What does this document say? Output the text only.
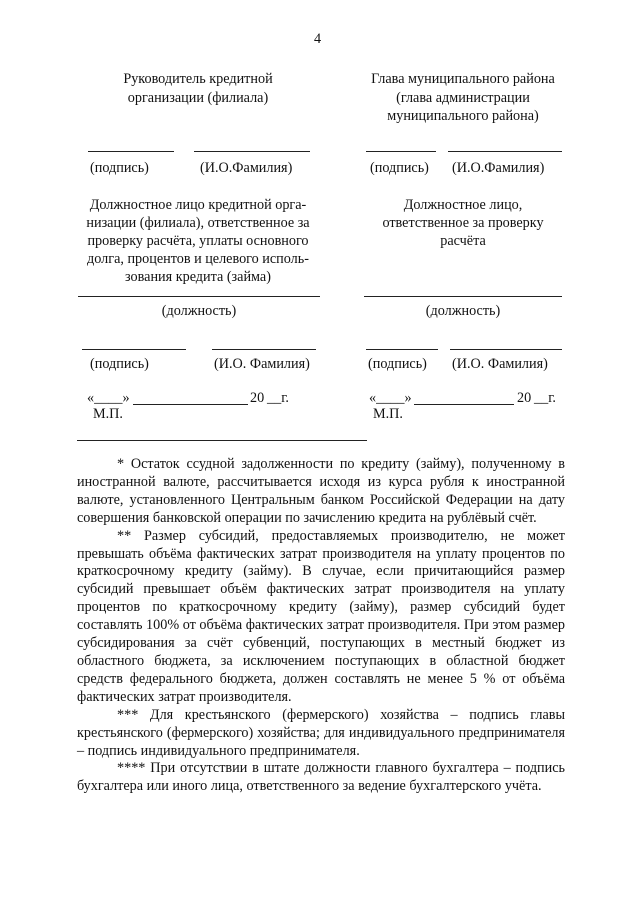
4
Руководитель кредитной
организации (филиала)
(подпись)	(И.О.Фамилия)
Должностное лицо кредитной орга-
низации (филиала), ответственное за
проверку расчёта, уплаты основного
долга, процентов и целевого исполь-
зования кредита (займа)
(должность)
(подпись)	(И.О. Фамилия)
«____»	20 __г.
М.П.
Глава муниципального района
(глава администрации
муниципального района)
(подпись) (И.О.Фамилия)
Должностное лицо,
ответственное за проверку
расчёта
(должность)
(подпись) (И.О. Фамилия)
«____»	20 __г.
М.П.

* Остаток ссудной задолженности по кредиту (займу), полученному в иностранной валюте, рассчитывается исходя из курса рубля к иностранной валюте, установленного Центральным банком Российской Федерации на дату совершения банковской операции по зачислению кредита на рублёвый счёт.

** Размер субсидий, предоставляемых производителю, не может превышать объёма фактических затрат производителя на уплату процентов по краткосрочному кредиту (займу). В случае, если причитающийся размер субсидий превышает объём фактических затрат производителя на уплату процентов по краткосрочному кредиту (займу), размер субсидий будет составлять 100% от объёма фактических затрат производителя. При этом размер субсидирования за счёт субвенций, поступающих в местный бюджет из областного бюджета, за исключением поступающих в областной бюджет средств федерального бюджета, должен составлять не менее 5 % от объёма фактических затрат производителя.

*** Для крестьянского (фермерского) хозяйства – подпись главы крестьянского (фермерского) хозяйства; для индивидуального предпринимателя – подпись индивидуального предпринимателя.

**** При отсутствии в штате должности главного бухгалтера – подпись бухгалтера или иного лица, ответственного за ведение бухгалтерского учёта.
